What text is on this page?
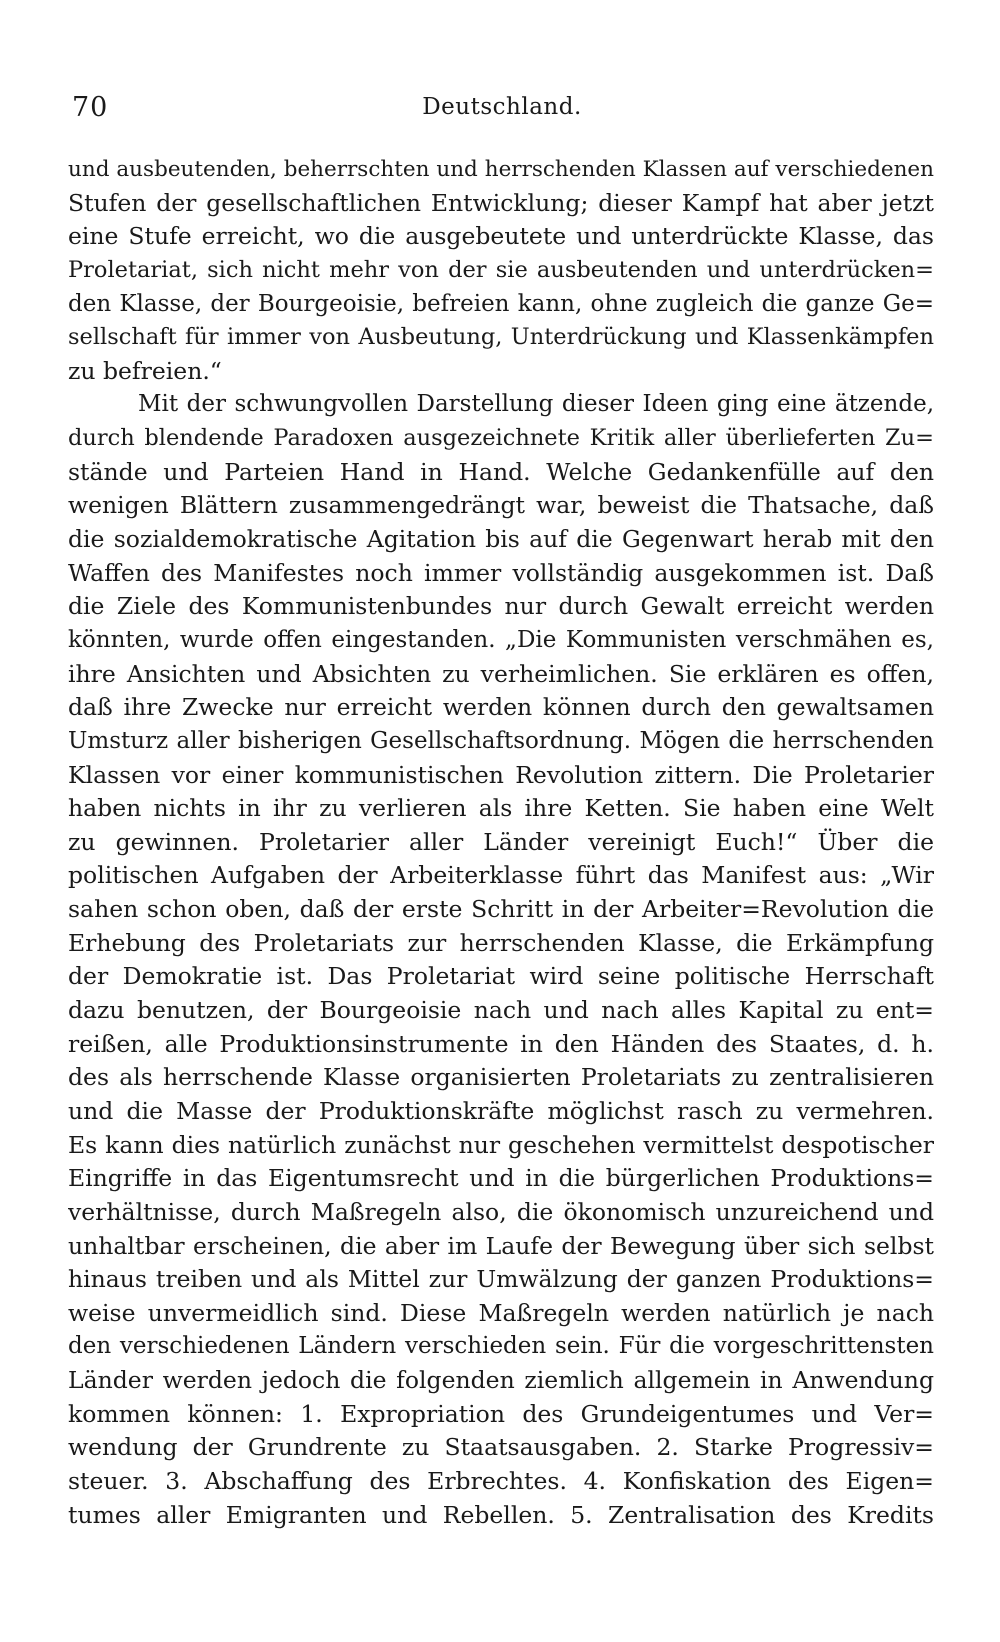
70	Deutschland.
und ausbeutenden, beherrschten und herrschenden Klassen auf verschiedenen
Stufen der gesellschaftlichen Entwicklung; dieser Kampf hat aber jetzt
eine Stufe erreicht, wo die ausgebeutete und unterdrückte Klasse, das
Proletariat, sich nicht mehr von der sie ausbeutenden und unterdrücken=
den Klasse, der Bourgeoisie, befreien kann, ohne zugleich die ganze Ge=
sellschaft für immer von Ausbeutung, Unterdrückung und Klassenkämpfen
zu befreien.“
Mit der schwungvollen Darstellung dieser Ideen ging eine ätzende,
durch blendende Paradoxen ausgezeichnete Kritik aller überlieferten Zu=
stände und Parteien Hand in Hand. Welche Gedankenfülle auf den
wenigen Blättern zusammengedrängt war, beweist die Thatsache, daß
die sozialdemokratische Agitation bis auf die Gegenwart herab mit den
Waffen des Manifestes noch immer vollständig ausgekommen ist. Daß
die Ziele des Kommunistenbundes nur durch Gewalt erreicht werden
könnten, wurde offen eingestanden. „Die Kommunisten verschmähen es,
ihre Ansichten und Absichten zu verheimlichen. Sie erklären es offen,
daß ihre Zwecke nur erreicht werden können durch den gewaltsamen
Umsturz aller bisherigen Gesellschaftsordnung. Mögen die herrschenden
Klassen vor einer kommunistischen Revolution zittern. Die Proletarier
haben nichts in ihr zu verlieren als ihre Ketten. Sie haben eine Welt
zu gewinnen. Proletarier aller Länder vereinigt Euch!“ Über die
politischen Aufgaben der Arbeiterklasse führt das Manifest aus: „Wir
sahen schon oben, daß der erste Schritt in der Arbeiter=Revolution die
Erhebung des Proletariats zur herrschenden Klasse, die Erkämpfung
der Demokratie ist. Das Proletariat wird seine politische Herrschaft
dazu benutzen, der Bourgeoisie nach und nach alles Kapital zu ent=
reißen, alle Produktionsinstrumente in den Händen des Staates, d. h.
des als herrschende Klasse organisierten Proletariats zu zentralisieren
und die Masse der Produktionskräfte möglichst rasch zu vermehren.
Es kann dies natürlich zunächst nur geschehen vermittelst despotischer
Eingriffe in das Eigentumsrecht und in die bürgerlichen Produktions=
verhältnisse, durch Maßregeln also, die ökonomisch unzureichend und
unhaltbar erscheinen, die aber im Laufe der Bewegung über sich selbst
hinaus treiben und als Mittel zur Umwälzung der ganzen Produktions=
weise unvermeidlich sind. Diese Maßregeln werden natürlich je nach
den verschiedenen Ländern verschieden sein. Für die vorgeschrittensten
Länder werden jedoch die folgenden ziemlich allgemein in Anwendung
kommen können: 1. Expropriation des Grundeigentumes und Ver=
wendung der Grundrente zu Staatsausgaben. 2. Starke Progressiv=
steuer. 3. Abschaffung des Erbrechtes. 4. Konfiskation des Eigen=
tumes aller Emigranten und Rebellen. 5. Zentralisation des Kredits
